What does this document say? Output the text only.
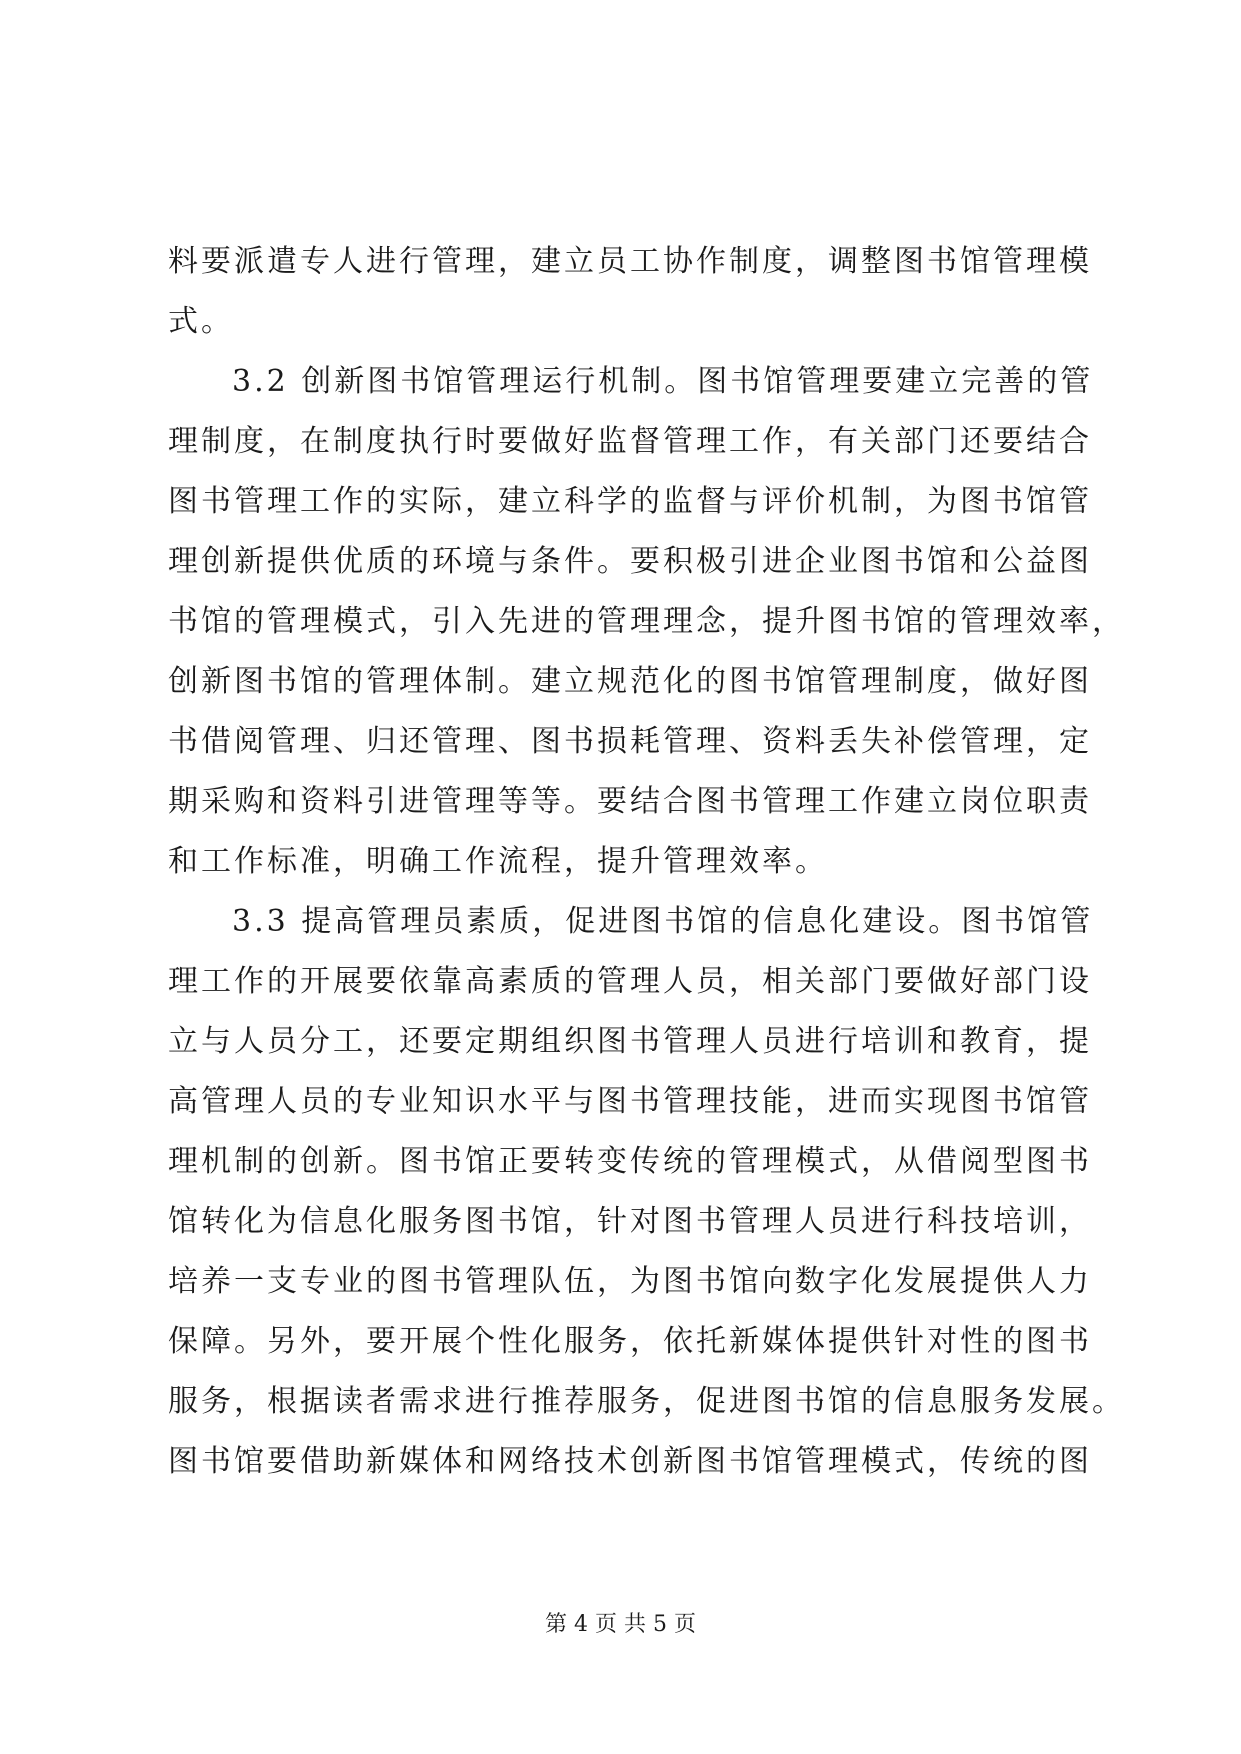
料要派遣专人进行管理，建立员工协作制度，调整图书馆管理模
式。
3.2 创新图书馆管理运行机制。图书馆管理要建立完善的管
理制度，在制度执行时要做好监督管理工作，有关部门还要结合
图书管理工作的实际，建立科学的监督与评价机制，为图书馆管
理创新提供优质的环境与条件。要积极引进企业图书馆和公益图
书馆的管理模式，引入先进的管理理念，提升图书馆的管理效率，
创新图书馆的管理体制。建立规范化的图书馆管理制度，做好图
书借阅管理、归还管理、图书损耗管理、资料丢失补偿管理，定
期采购和资料引进管理等等。要结合图书管理工作建立岗位职责
和工作标准，明确工作流程，提升管理效率。
3.3 提高管理员素质，促进图书馆的信息化建设。图书馆管
理工作的开展要依靠高素质的管理人员，相关部门要做好部门设
立与人员分工，还要定期组织图书管理人员进行培训和教育，提
高管理人员的专业知识水平与图书管理技能，进而实现图书馆管
理机制的创新。图书馆正要转变传统的管理模式，从借阅型图书
馆转化为信息化服务图书馆，针对图书管理人员进行科技培训，
培养一支专业的图书管理队伍，为图书馆向数字化发展提供人力
保障。另外，要开展个性化服务，依托新媒体提供针对性的图书
服务，根据读者需求进行推荐服务，促进图书馆的信息服务发展。
图书馆要借助新媒体和网络技术创新图书馆管理模式，传统的图
第 4 页 共 5 页
